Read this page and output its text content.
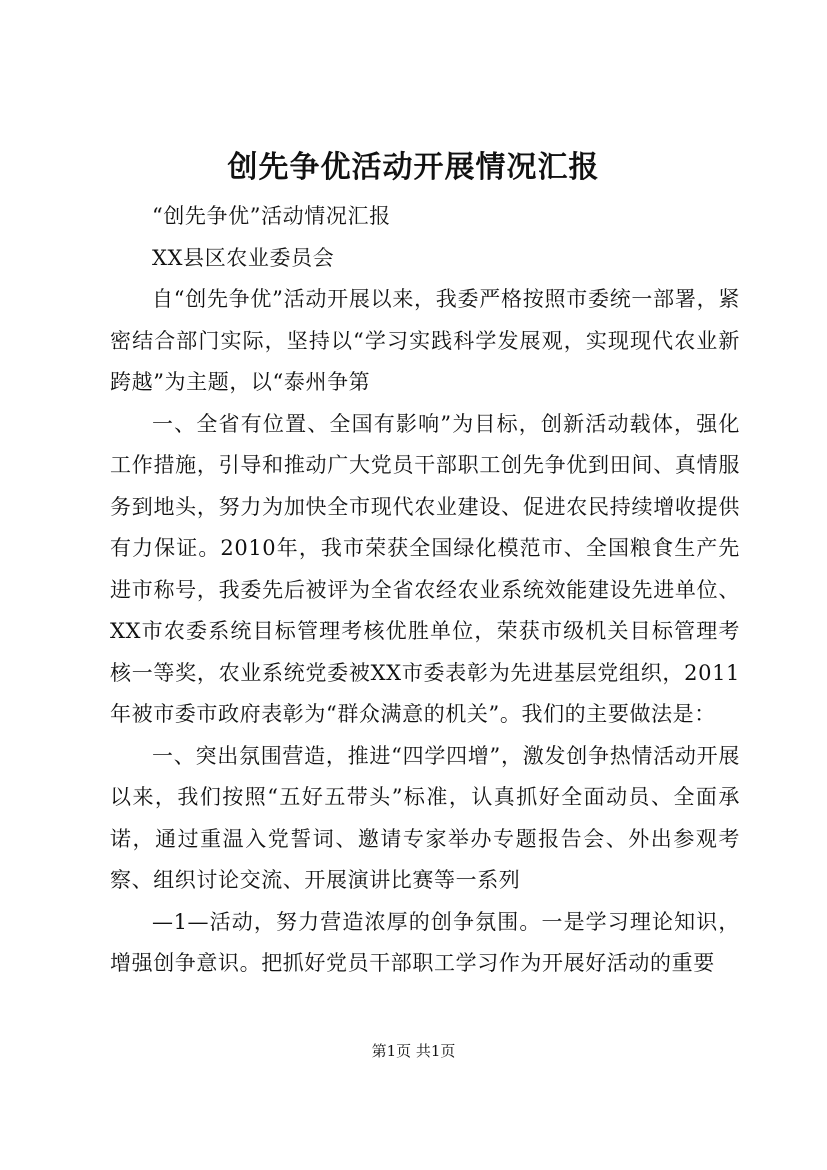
创先争优活动开展情况汇报

“创先争优”活动情况汇报

XX县区农业委员会

自“创先争优”活动开展以来，我委严格按照市委统一部署，紧密结合部门实际，坚持以“学习实践科学发展观，实现现代农业新跨越”为主题，以“泰州争第

一、全省有位置、全国有影响”为目标，创新活动载体，强化工作措施，引导和推动广大党员干部职工创先争优到田间、真情服务到地头，努力为加快全市现代农业建设、促进农民持续增收提供有力保证。2010年，我市荣获全国绿化模范市、全国粮食生产先进市称号，我委先后被评为全省农经农业系统效能建设先进单位、XX市农委系统目标管理考核优胜单位，荣获市级机关目标管理考核一等奖，农业系统党委被XX市委表彰为先进基层党组织，2011年被市委市政府表彰为“群众满意的机关”。我们的主要做法是：

一、突出氛围营造，推进“四学四增”，激发创争热情活动开展以来，我们按照“五好五带头”标准，认真抓好全面动员、全面承诺，通过重温入党誓词、邀请专家举办专题报告会、外出参观考察、组织讨论交流、开展演讲比赛等一系列

—1—活动，努力营造浓厚的创争氛围。一是学习理论知识，增强创争意识。把抓好党员干部职工学习作为开展好活动的重要

第1页 共1页
